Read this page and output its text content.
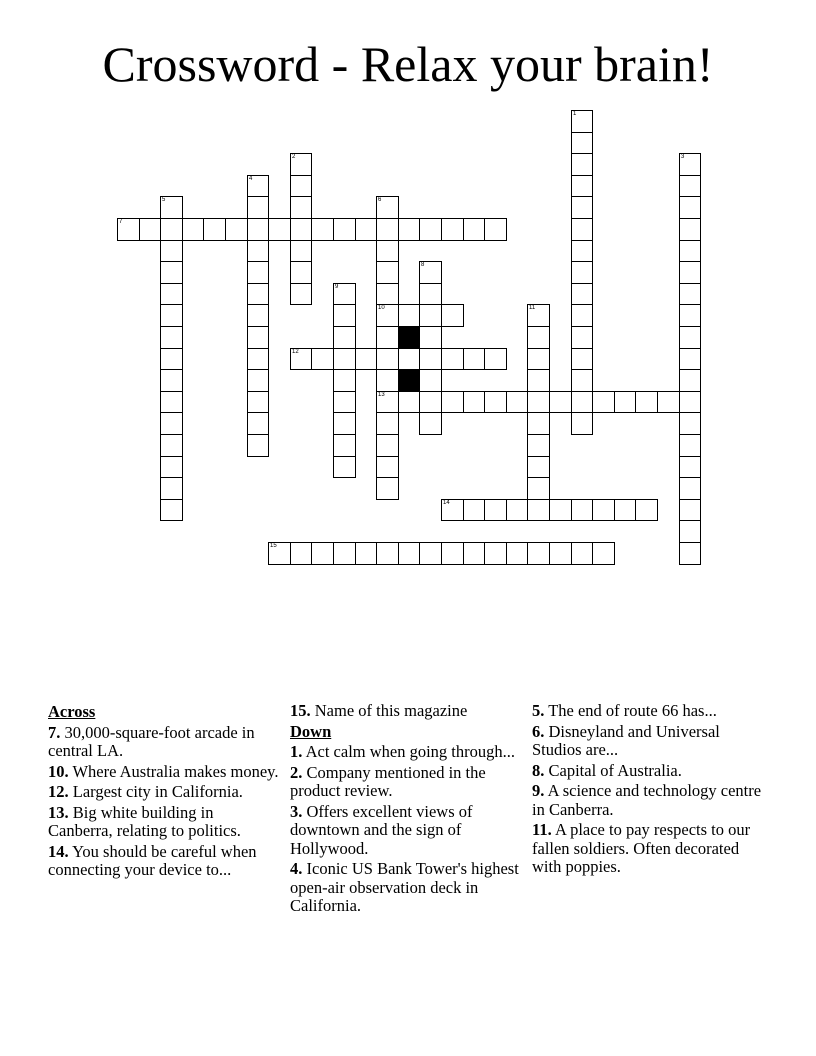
Crossword - Relax your brain!
1
2	3
4
5	6
10
13
7
8
9
11
12
14
15
Across
7. 30,000-square-foot arcade in central LA.
10. Where Australia makes money.
12. Largest city in California.
13. Big white building in Canberra, relating to politics.
14. You should be careful when connecting your device to...
15. Name of this magazine
Down
1. Act calm when going through...
2. Company mentioned in the product review.
3. Offers excellent views of downtown and the sign of Hollywood.
4. Iconic US Bank Tower's highest open-air observation deck in California.
5. The end of route 66 has...
6. Disneyland and Universal Studios are...
8. Capital of Australia.
9. A science and technology centre in Canberra.
11. A place to pay respects to our fallen soldiers. Often decorated with poppies.
